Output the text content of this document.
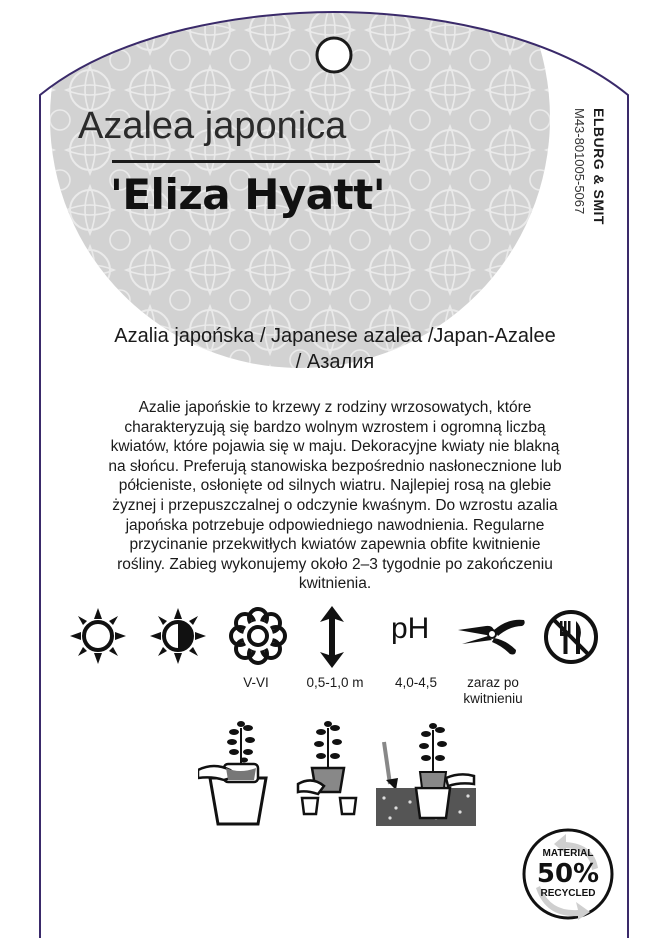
Azalea japonica
'Eliza Hyatt'	ELBURG & SMIT
M43-801005-5067
Azalia japońska / Japanese azalea /Japan-Azalee
/ Азалия
Azalie japońskie to krzewy z rodziny wrzosowatych, które
charakteryzują się bardzo wolnym wzrostem i ogromną liczbą
kwiatów, które pojawia się w maju. Dekoracyjne kwiaty nie blakną
na słońcu. Preferują stanowiska bezpośrednio nasłonecznione lub
półcieniste, osłonięte od silnych wiatru. Najlepiej rosą na glebie
żyznej i przepuszczalnej o odczynie kwaśnym. Do wzrostu azalia
japońska potrzebuje odpowiedniego nawodnienia. Regularne
przycinanie przekwitłych kwiatów zapewnia obfite kwitnienie
rośliny. Zabieg wykonujemy około 2–3 tygodnie po zakończeniu
kwitnienia.
pH
V-VI	0,5-1,0 m	4,0-4,5	zaraz po
kwitnieniu
MATERIAL
50%
RECYCLED
